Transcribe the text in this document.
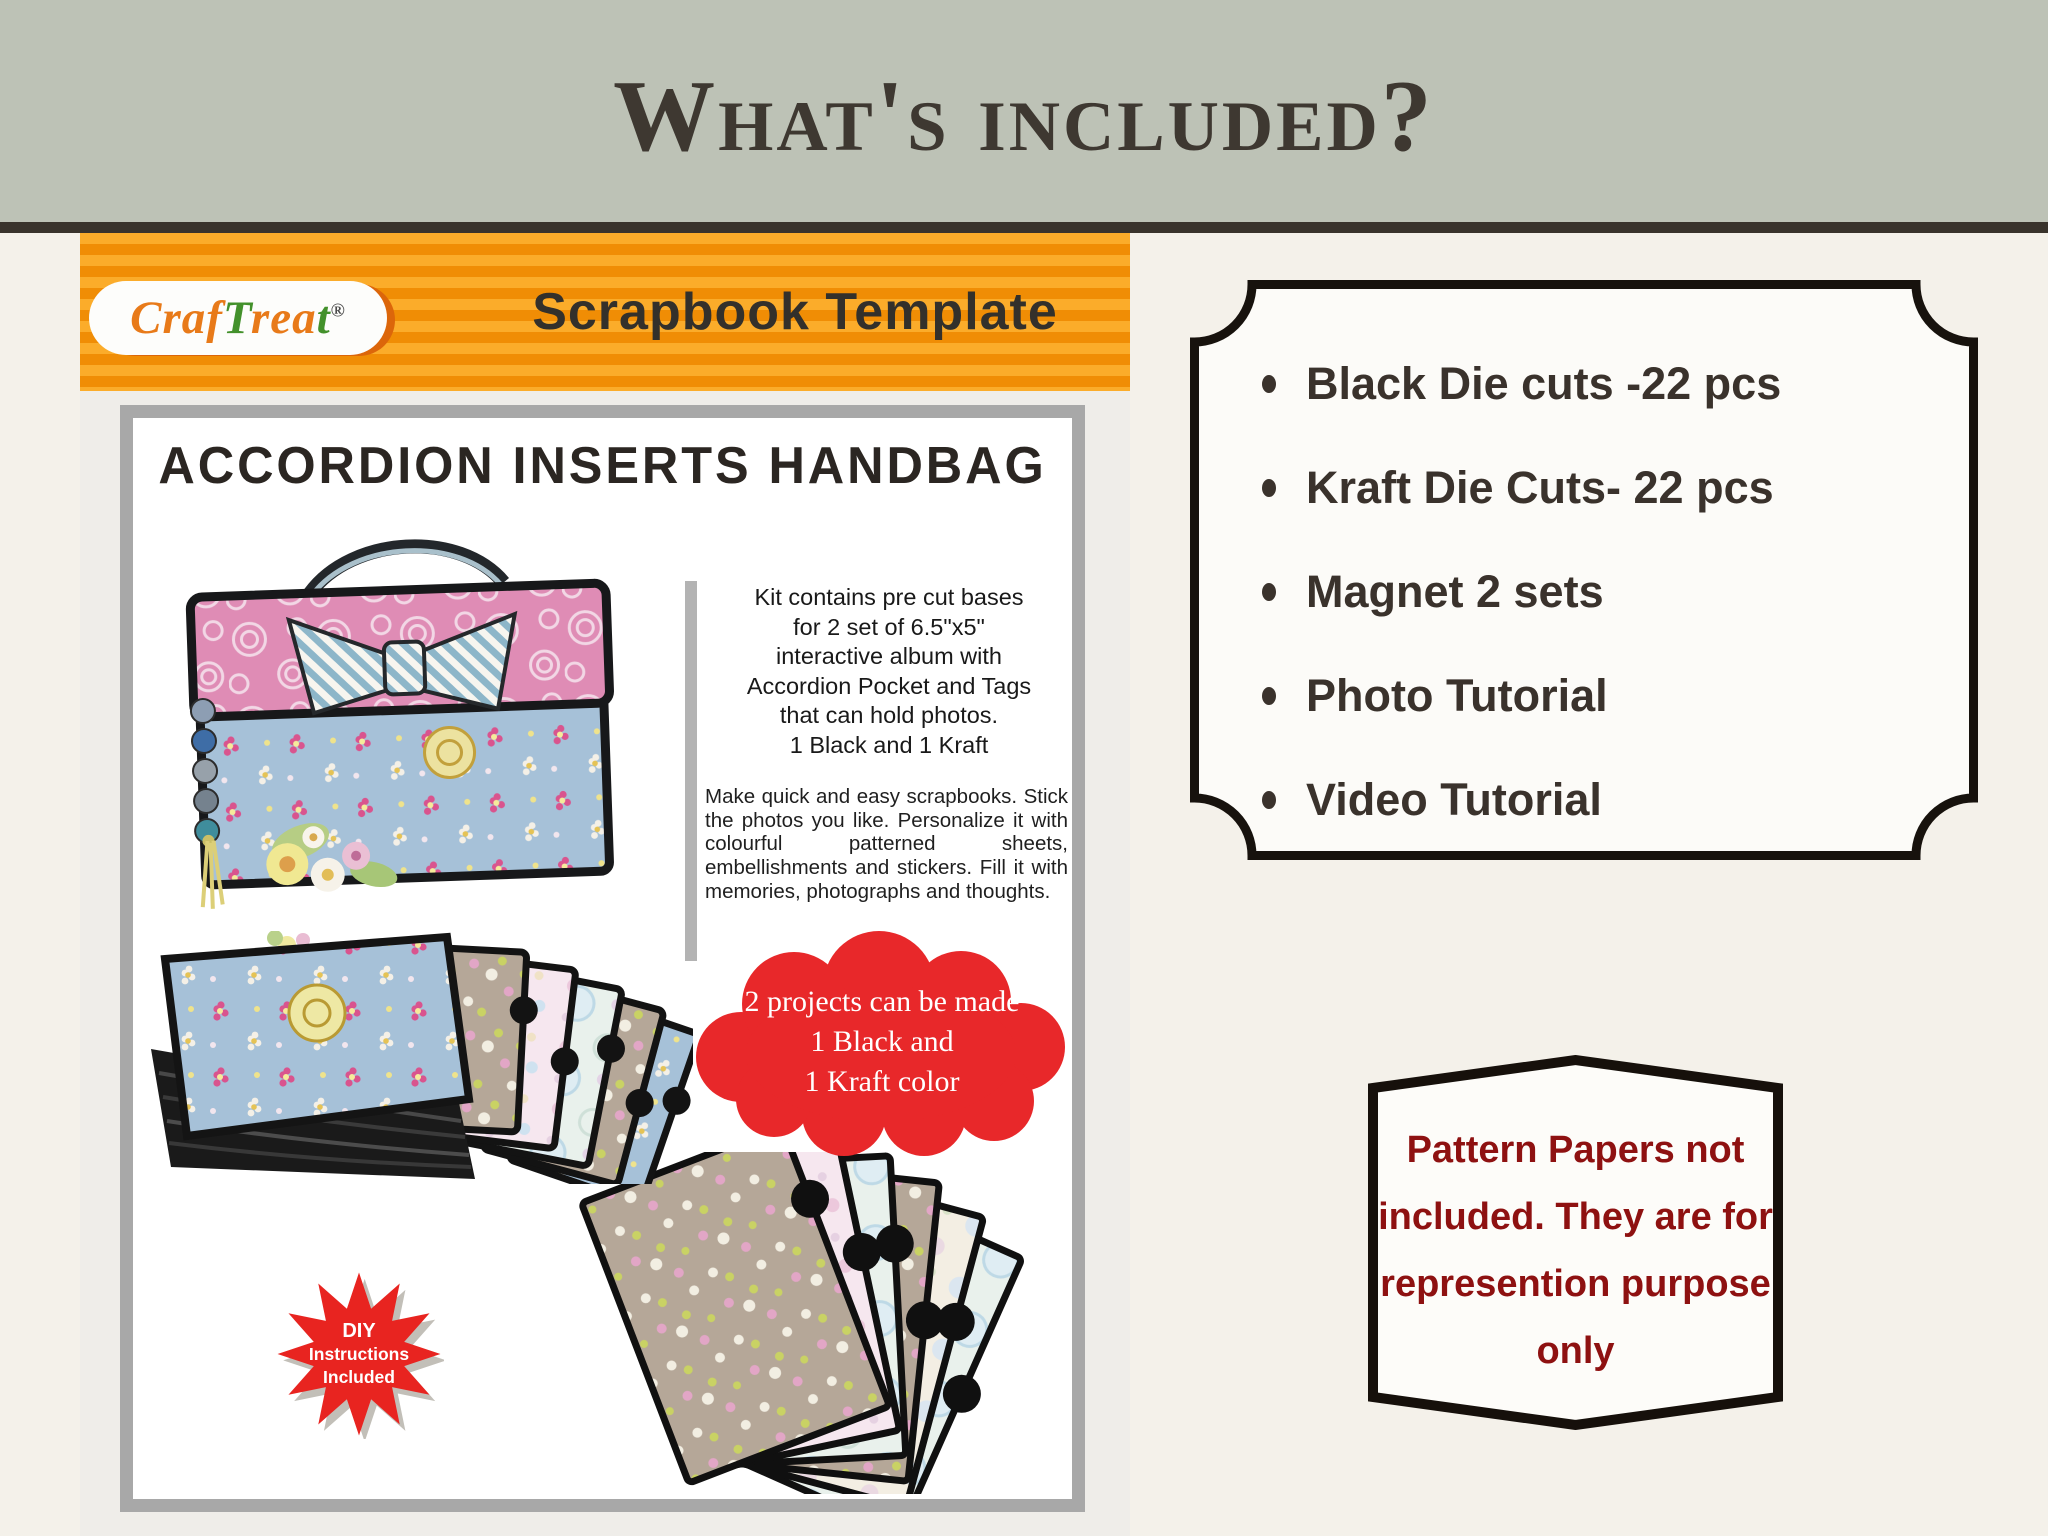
What's included?
CrafTreat®	Scrapbook Template
ACCORDION INSERTS HANDBAG
Kit contains pre cut bases
for 2 set of 6.5"x5"
interactive album with
Accordion Pocket and Tags
that can hold photos.
1 Black and 1 Kraft
Make quick and easy scrapbooks. Stick the photos you like. Personalize it with colourful patterned sheets, embellishments and stickers. Fill it with memories, photographs and thoughts.
2 projects can be made
1 Black and
1 Kraft color
DIY
Instructions
Included
Black Die cuts -22 pcs
Kraft Die Cuts- 22 pcs
Magnet 2 sets
Photo Tutorial
Video Tutorial
Pattern Papers not
included. They are for
represention purpose
only
